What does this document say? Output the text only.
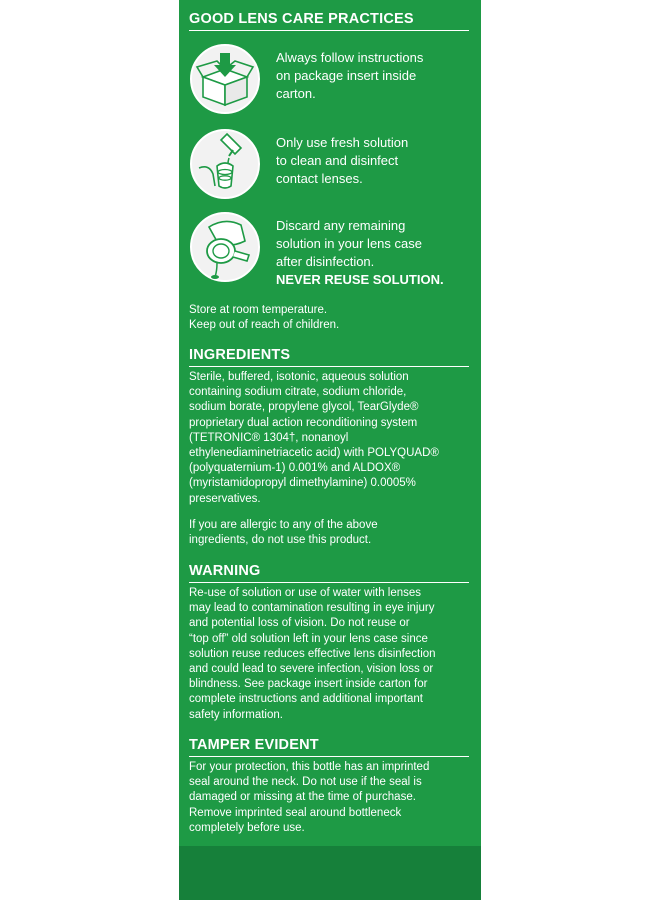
GOOD LENS CARE PRACTICES
Always follow instructions
on package insert inside
carton.
Only use fresh solution
to clean and disinfect
contact lenses.
Discard any remaining
solution in your lens case
after disinfection.
NEVER REUSE SOLUTION.
Store at room temperature.
Keep out of reach of children.
INGREDIENTS
Sterile, buffered, isotonic, aqueous solution
containing sodium citrate, sodium chloride,
sodium borate, propylene glycol, TearGlyde®
proprietary dual action reconditioning system
(TETRONIC® 1304†, nonanoyl
ethylenediaminetriacetic acid) with POLYQUAD®
(polyquaternium-1) 0.001% and ALDOX®
(myristamidopropyl dimethylamine) 0.0005%
preservatives.
If you are allergic to any of the above
ingredients, do not use this product.
WARNING
Re-use of solution or use of water with lenses
may lead to contamination resulting in eye injury
and potential loss of vision. Do not reuse or
“top off” old solution left in your lens case since
solution reuse reduces effective lens disinfection
and could lead to severe infection, vision loss or
blindness. See package insert inside carton for
complete instructions and additional important
safety information.
TAMPER EVIDENT
For your protection, this bottle has an imprinted
seal around the neck. Do not use if the seal is
damaged or missing at the time of purchase.
Remove imprinted seal around bottleneck
completely before use.
